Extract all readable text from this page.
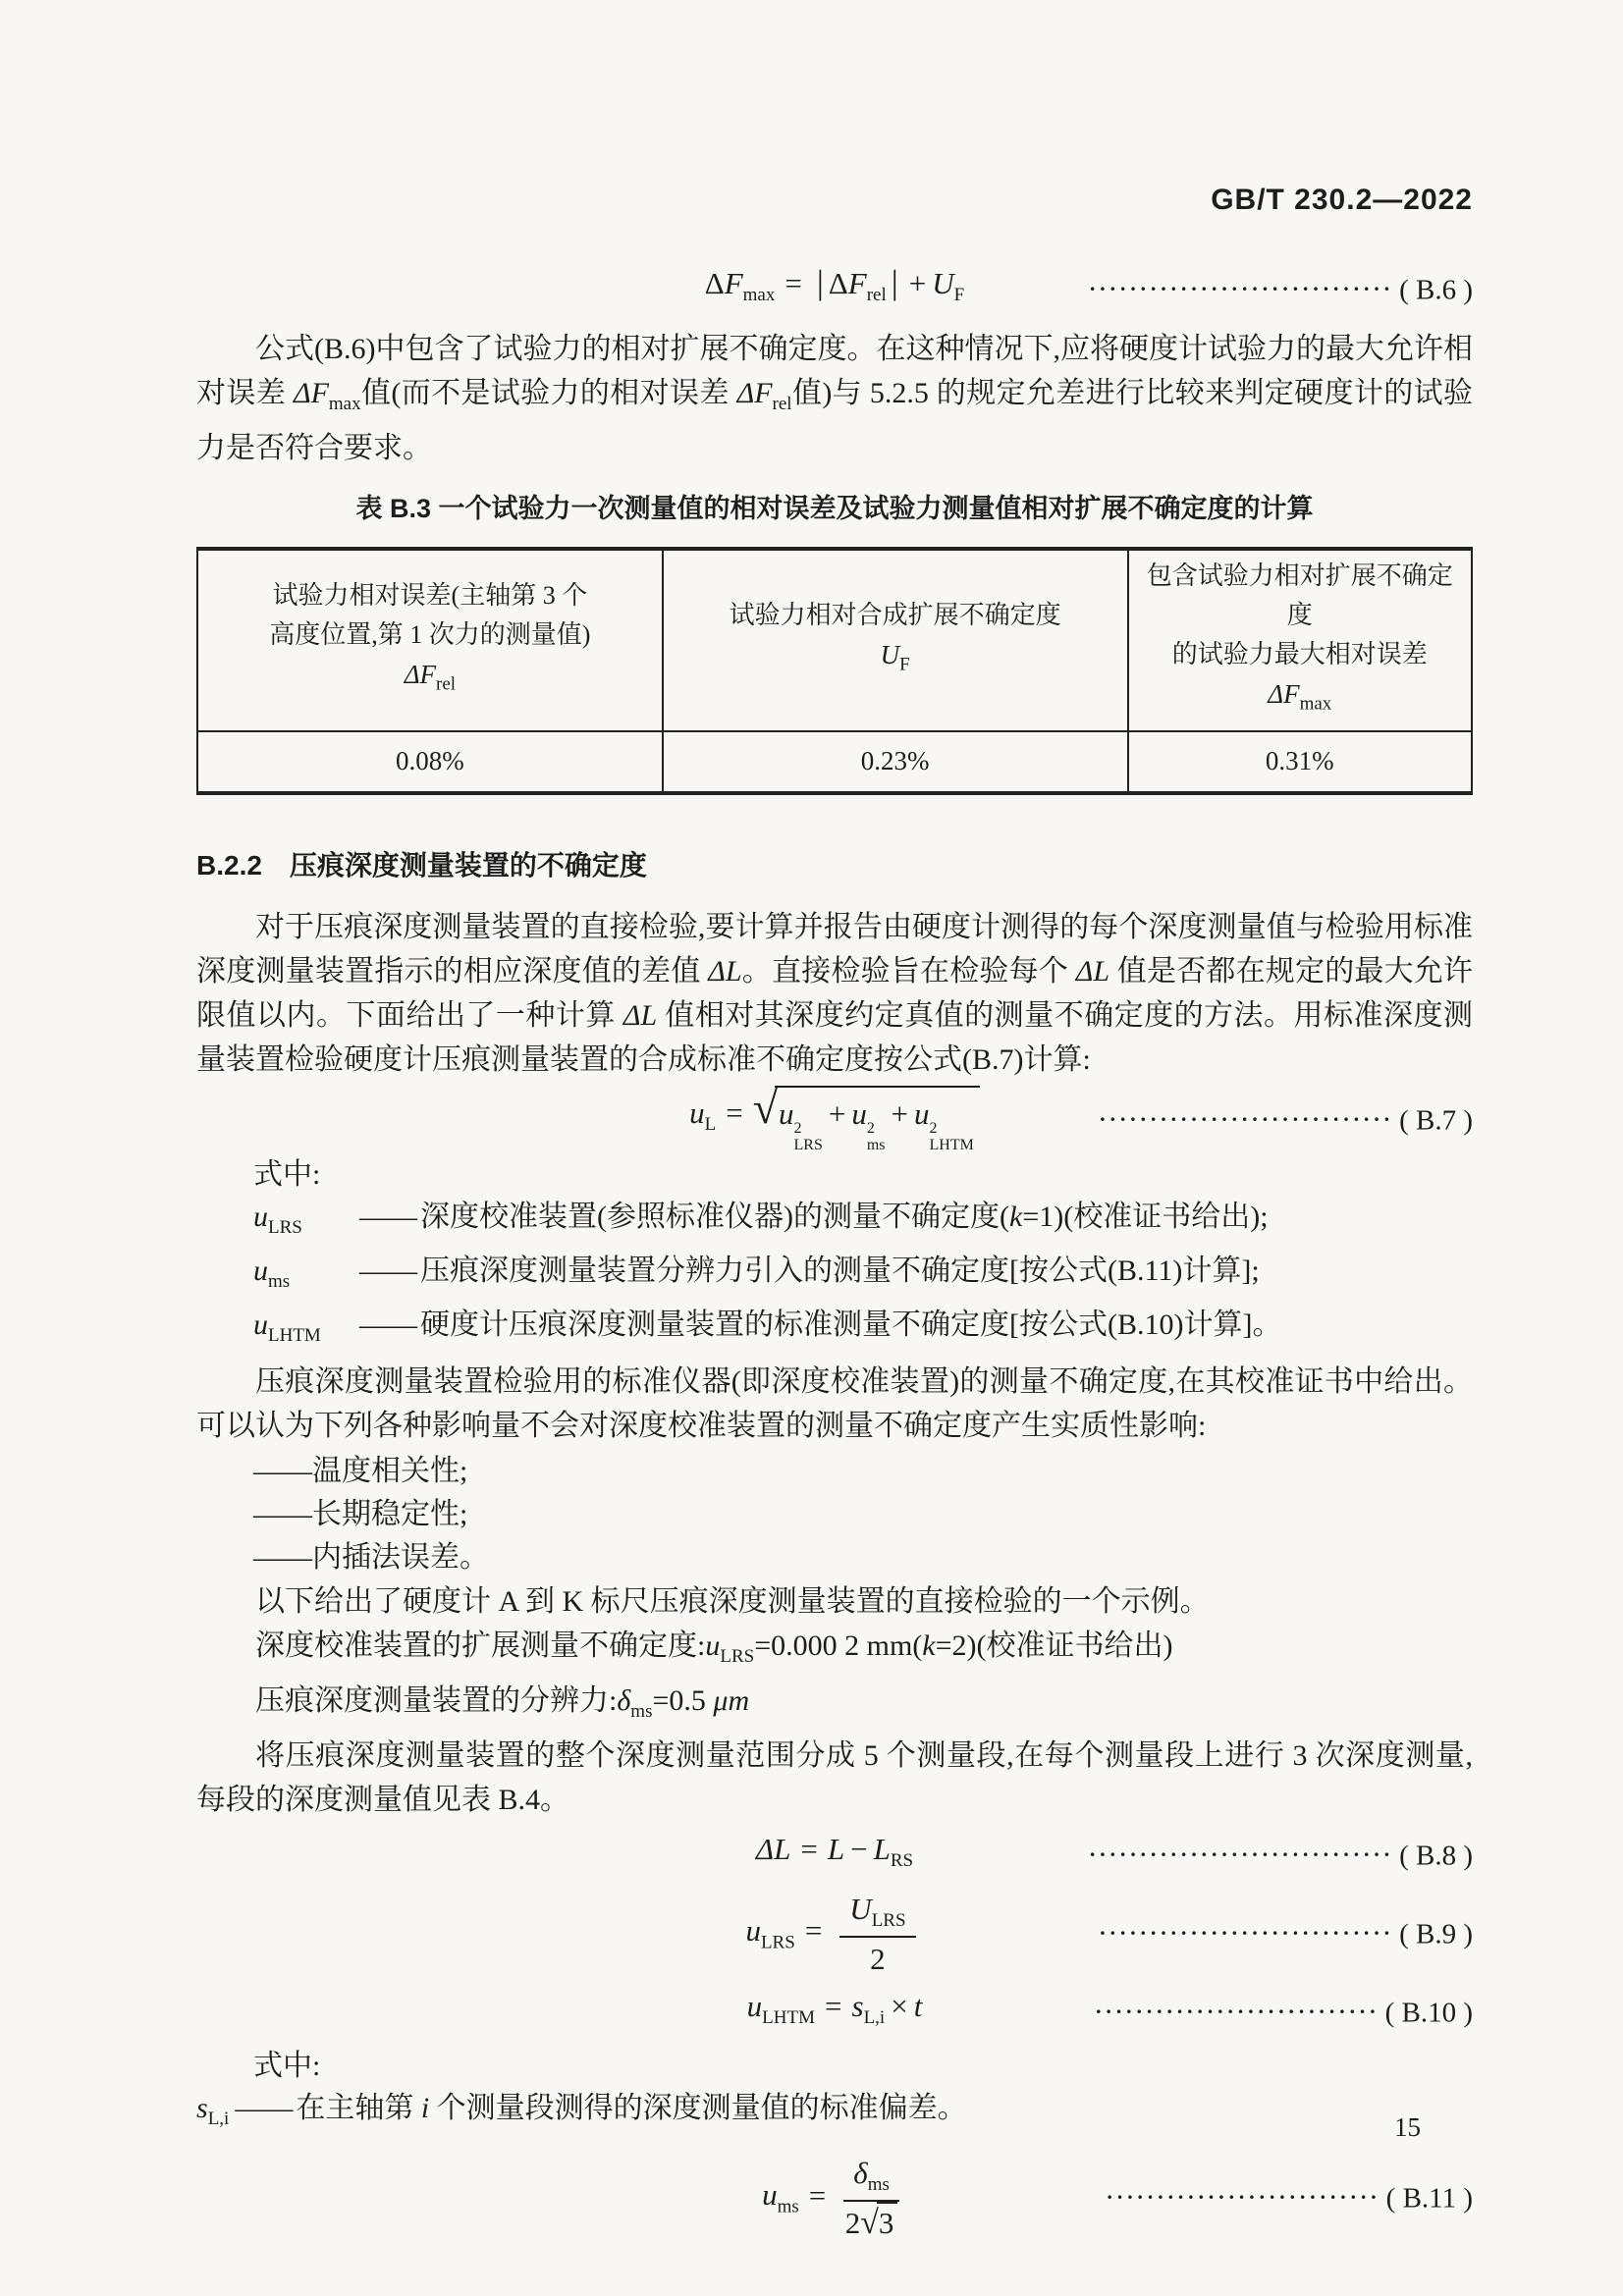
GB/T 230.2—2022
$\Delta F_{max}$ = | $\Delta F_{rel}$ | + $U_F$	······························ ( B.6 )
公式(B.6)中包含了试验力的相对扩展不确定度。在这种情况下,应将硬度计试验力的最大允许相对误差 $\Delta F_{max}$值(而不是试验力的相对误差 $\Delta F_{rel}$值)与 5.2.5 的规定允差进行比较来判定硬度计的试验力是否符合要求。
表 B.3 一个试验力一次测量值的相对误差及试验力测量值相对扩展不确定度的计算
试验力相对误差(主轴第 3 个
高度位置,第 1 次力的测量值)
$\Delta F_{rel}$

试验力相对合成扩展不确定度
$U_F$

包含试验力相对扩展不确定度
的试验力最大相对误差
$\Delta F_{max}$

0.08%	0.23%	0.31%
B.2.2　压痕深度测量装置的不确定度
对于压痕深度测量装置的直接检验,要计算并报告由硬度计测得的每个深度测量值与检验用标准深度测量装置指示的相应深度值的差值 ΔL。直接检验旨在检验每个 ΔL 值是否都在规定的最大允许限值以内。下面给出了一种计算 ΔL 值相对其深度约定真值的测量不确定度的方法。用标准深度测量装置检验硬度计压痕测量装置的合成标准不确定度按公式(B.7)计算:
$u_L$ = √ u 2
LRS
+ u 2
ms
+ u 2
LHTM
····························· ( B.7 )
式中:
$u_{LRS}$	—— 深度校准装置(参照标准仪器)的测量不确定度(k=1)(校准证书给出);
$u_{ms}$	—— 压痕深度测量装置分辨力引入的测量不确定度[按公式(B.11)计算];
$u_{LHTM}$	—— 硬度计压痕深度测量装置的标准测量不确定度[按公式(B.10)计算]。
压痕深度测量装置检验用的标准仪器(即深度校准装置)的测量不确定度,在其校准证书中给出。可以认为下列各种影响量不会对深度校准装置的测量不确定度产生实质性影响:
——温度相关性;
——长期稳定性;
——内插法误差。
以下给出了硬度计 A 到 K 标尺压痕深度测量装置的直接检验的一个示例。
深度校准装置的扩展测量不确定度$:u_{LRS}=0.000$ 2 mm(k=2)(校准证书给出)
压痕深度测量装置的分辨力$:\delta_{ms}=0.5$ μm
将压痕深度测量装置的整个深度测量范围分成 5 个测量段,在每个测量段上进行 3 次深度测量,每段的深度测量值见表 B.4。
$\Delta L = L - L_{RS}$	······························ ( B.8 )
$u_{LRS} = \frac{U_{LRS}}{2}$	····························· ( B.9 )
$u_{LHTM} = s_{L,i} \times t$	···························· ( B.10 )
式中:
$s_{L,i}$ —— 在主轴第 i 个测量段测得的深度测量值的标准偏差。
$u_{ms} = \frac{\delta_{ms}}{2√3}$	··························· ( B.11 )
15
